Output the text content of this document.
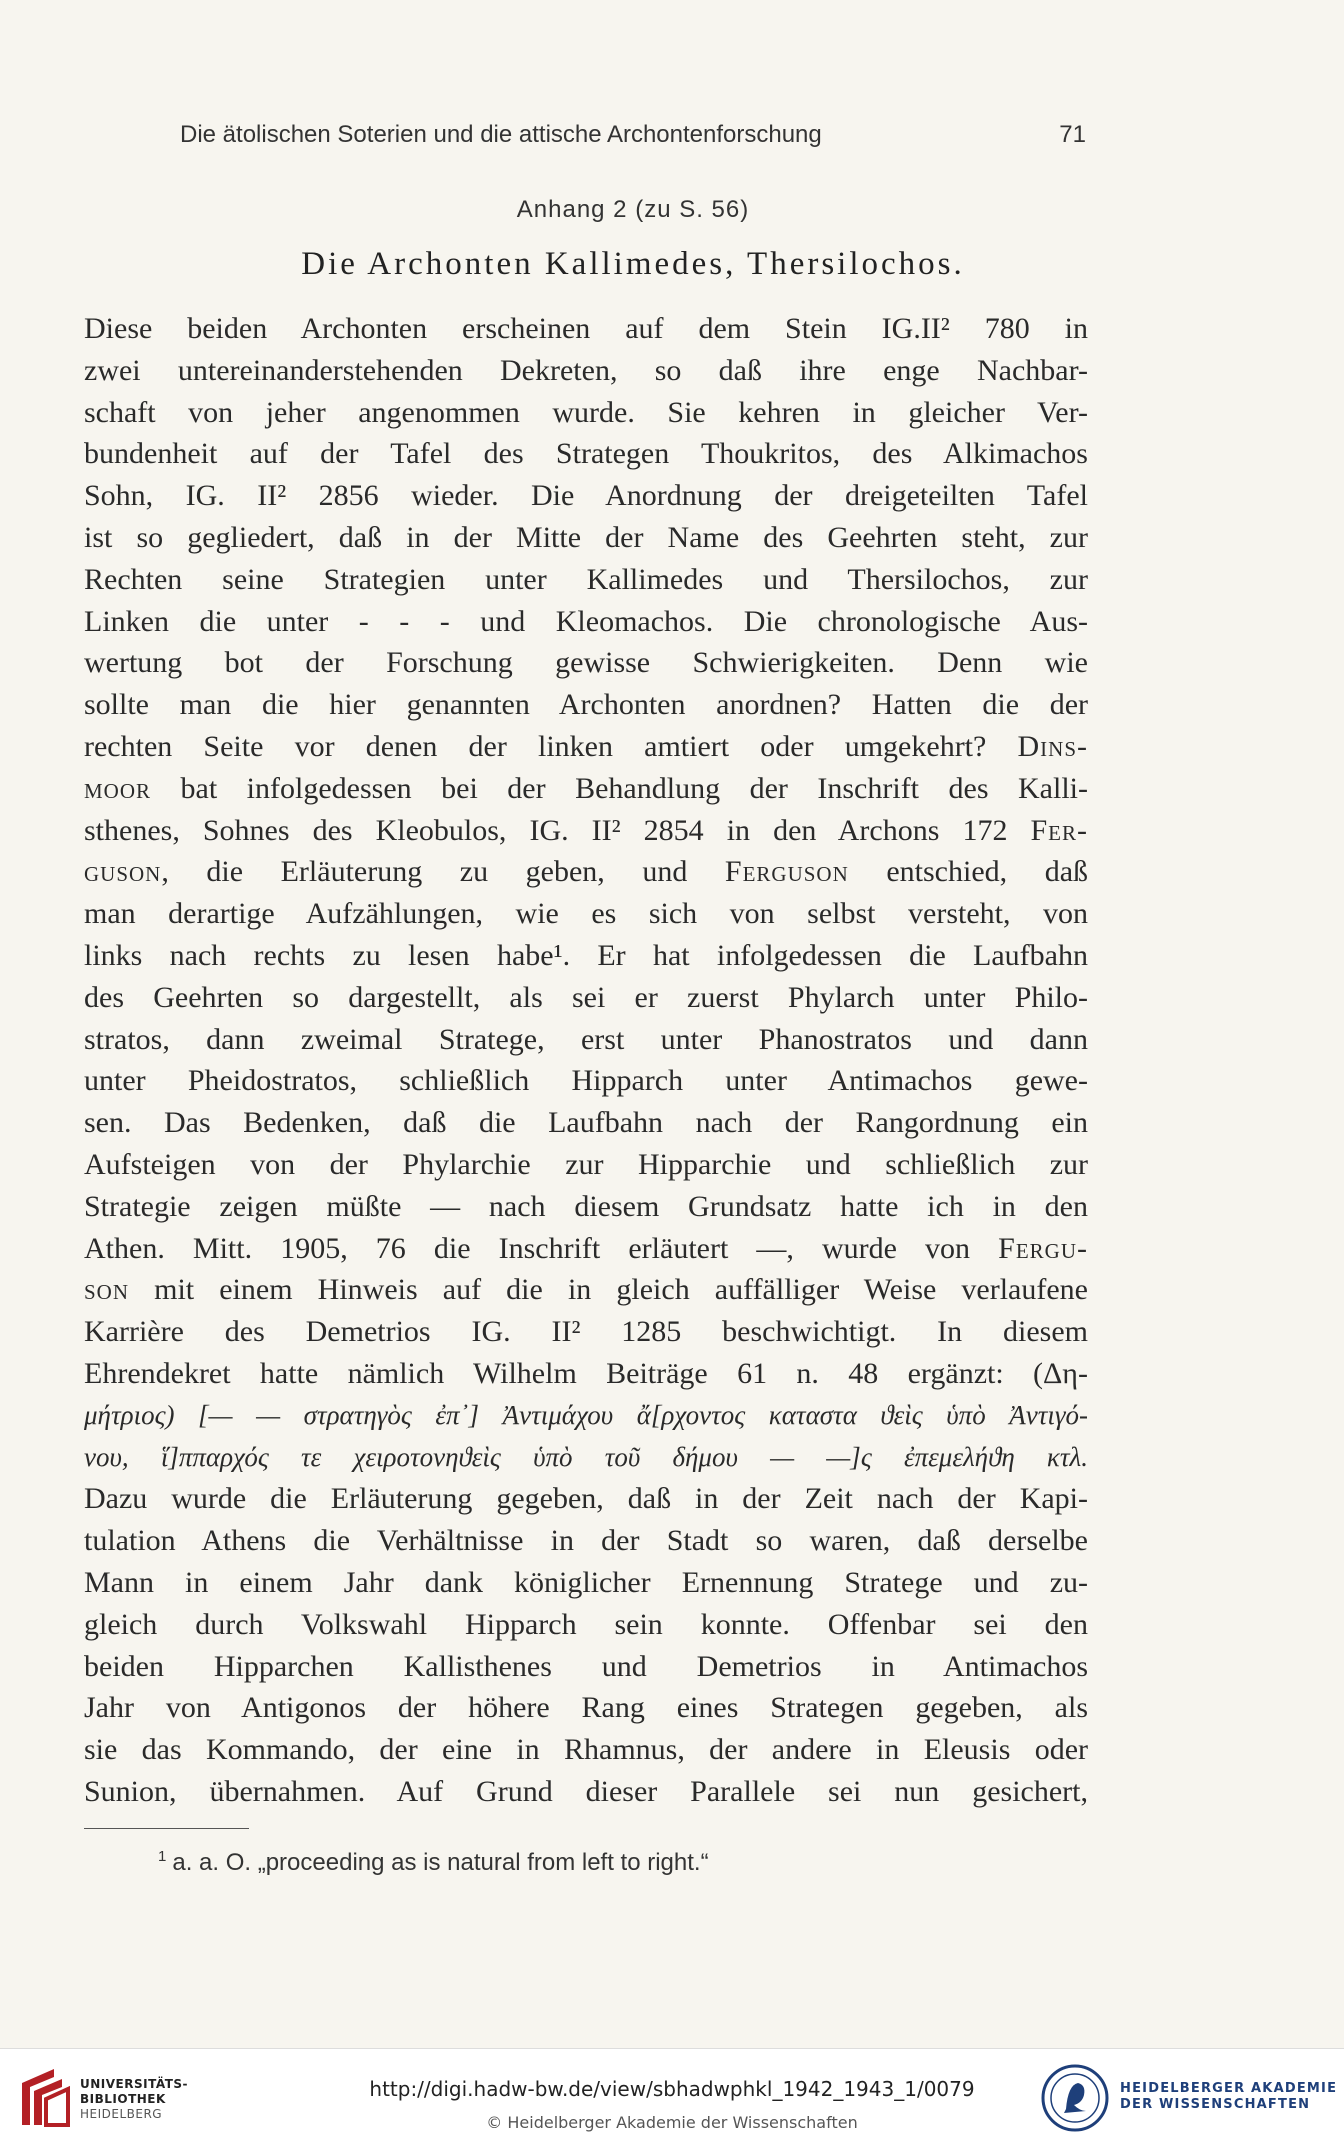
Die ätolischen Soterien und die attische Archontenforschung	71
Anhang 2 (zu S. 56)
Die Archonten Kallimedes, Thersilochos.
Diese beiden Archonten erscheinen auf dem Stein IG.II² 780 in
zwei untereinanderstehenden Dekreten, so daß ihre enge Nachbar-
schaft von jeher angenommen wurde. Sie kehren in gleicher Ver-
bundenheit auf der Tafel des Strategen Thoukritos, des Alkimachos
Sohn, IG. II² 2856 wieder. Die Anordnung der dreigeteilten Tafel
ist so gegliedert, daß in der Mitte der Name des Geehrten steht, zur
Rechten seine Strategien unter Kallimedes und Thersilochos, zur
Linken die unter - - - und Kleomachos. Die chronologische Aus-
wertung bot der Forschung gewisse Schwierigkeiten. Denn wie
sollte man die hier genannten Archonten anordnen? Hatten die der
rechten Seite vor denen der linken amtiert oder umgekehrt? Dins-
moor bat infolgedessen bei der Behandlung der Inschrift des Kalli-
sthenes, Sohnes des Kleobulos, IG. II² 2854 in den Archons 172 Fer-
guson, die Erläuterung zu geben, und Ferguson entschied, daß
man derartige Aufzählungen, wie es sich von selbst versteht, von
links nach rechts zu lesen habe¹. Er hat infolgedessen die Laufbahn
des Geehrten so dargestellt, als sei er zuerst Phylarch unter Philo-
stratos, dann zweimal Stratege, erst unter Phanostratos und dann
unter Pheidostratos, schließlich Hipparch unter Antimachos gewe-
sen. Das Bedenken, daß die Laufbahn nach der Rangordnung ein
Aufsteigen von der Phylarchie zur Hipparchie und schließlich zur
Strategie zeigen müßte — nach diesem Grundsatz hatte ich in den
Athen. Mitt. 1905, 76 die Inschrift erläutert —, wurde von Fergu-
son mit einem Hinweis auf die in gleich auffälliger Weise verlaufene
Karrière des Demetrios IG. II² 1285 beschwichtigt. In diesem
Ehrendekret hatte nämlich Wilhelm Beiträge 61 n. 48 ergänzt: (Δη-
μήτριος) [— — στρατηγὸς ἐπ᾿] Ἀντιμάχου ἄ[ρχοντος καταστα ϑεὶς ὑπὸ Ἀντιγό-
νου, ἵ]ππαρχός τε χειροτονηϑεὶς ὑπὸ τοῦ δήμου — —]ς ἐπεμελήϑη κτλ.
Dazu wurde die Erläuterung gegeben, daß in der Zeit nach der Kapi-
tulation Athens die Verhältnisse in der Stadt so waren, daß derselbe
Mann in einem Jahr dank königlicher Ernennung Stratege und zu-
gleich durch Volkswahl Hipparch sein konnte. Offenbar sei den
beiden Hipparchen Kallisthenes und Demetrios in Antimachos
Jahr von Antigonos der höhere Rang eines Strategen gegeben, als
sie das Kommando, der eine in Rhamnus, der andere in Eleusis oder
Sunion, übernahmen. Auf Grund dieser Parallele sei nun gesichert,
$^1$ a. a. O. „proceeding as is natural from left to right.“
UNIVERSITÄTS-
BIBLIOTHEK
HEIDELBERG
http://digi.hadw-bw.de/view/sbhadwphkl_1942_1943_1/0079
© Heidelberger Akademie der Wissenschaften
HEIDELBERGER AKADEMIE
DER WISSENSCHAFTEN
